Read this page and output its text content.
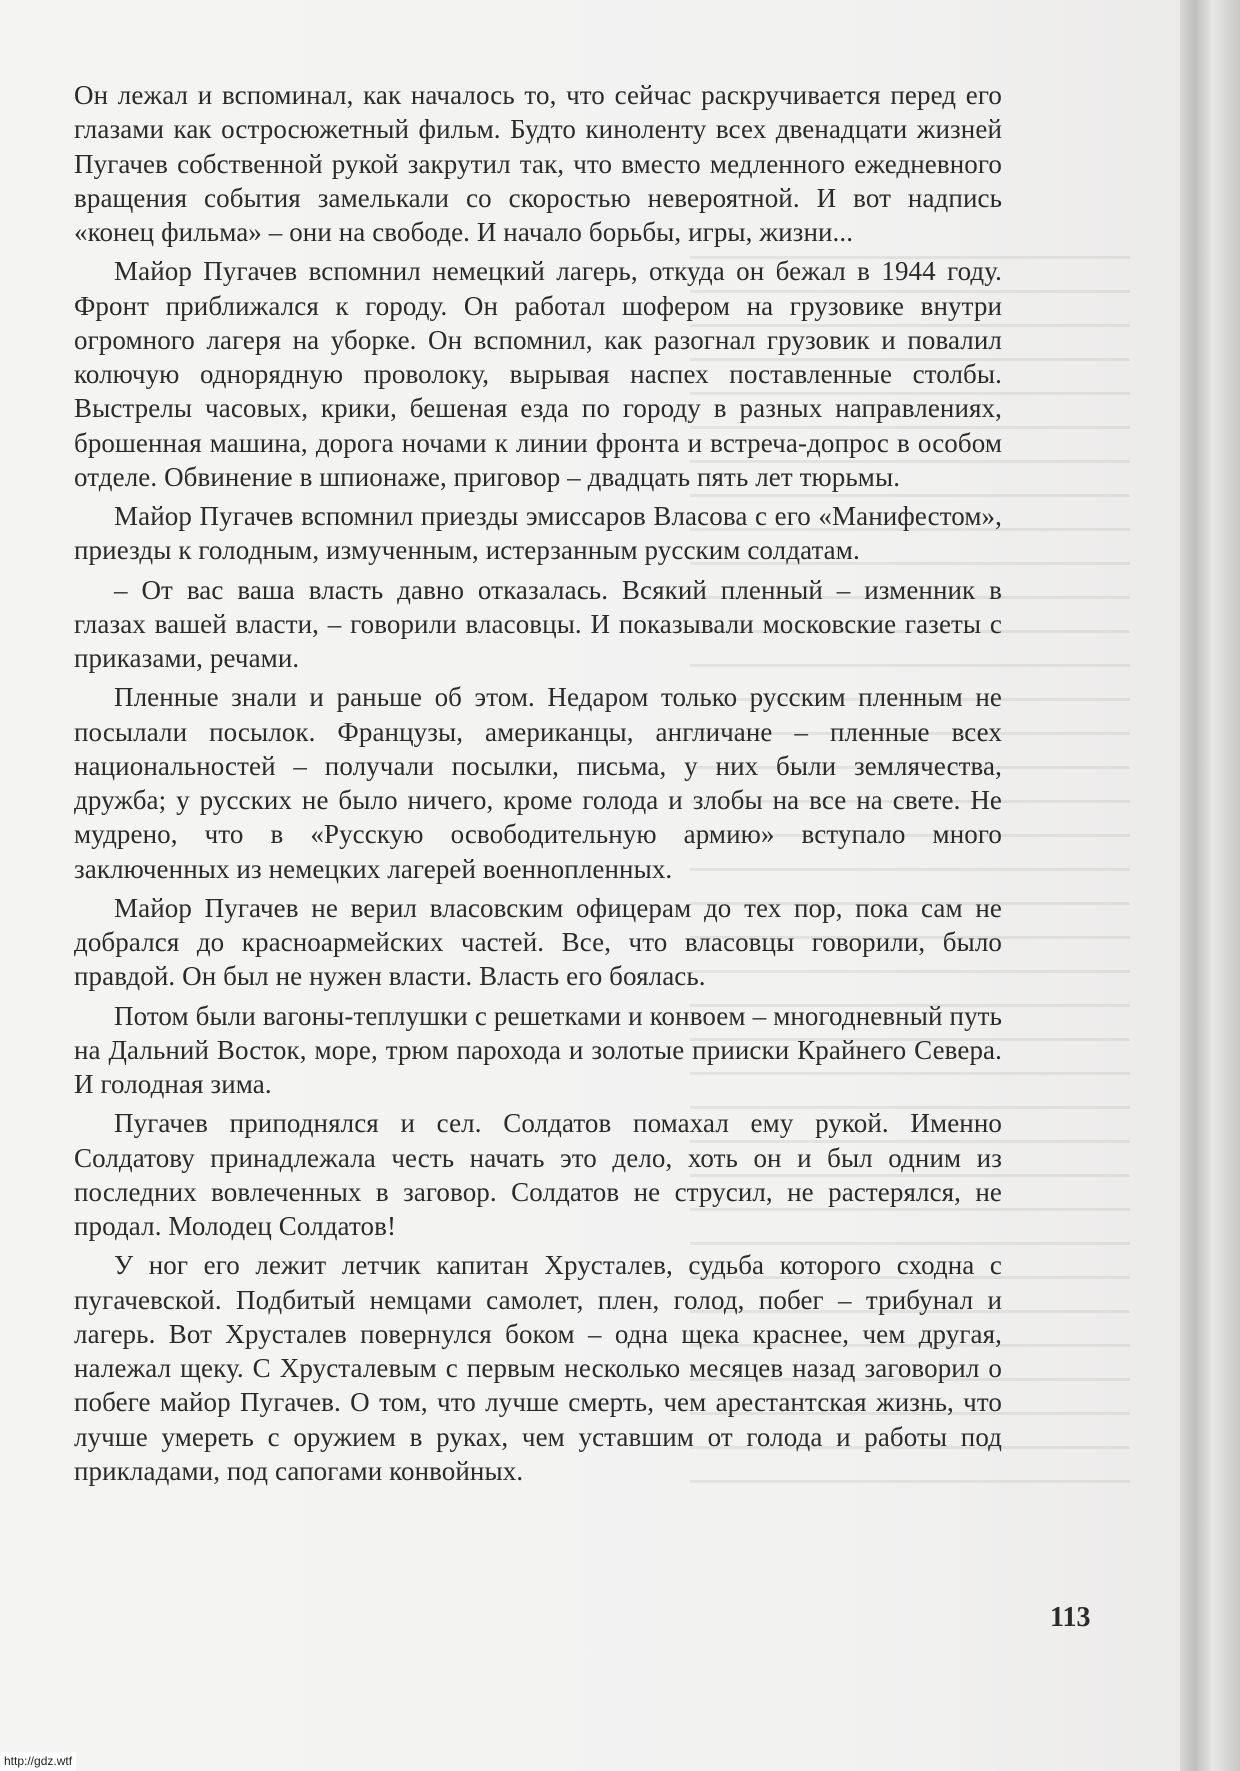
Он лежал и вспоминал, как началось то, что сейчас раскручивается перед его глазами как остросюжетный фильм. Будто киноленту всех двенадцати жизней Пугачев собственной рукой закрутил так, что вместо медленного ежедневного вращения события замелькали со скоростью невероятной. И вот надпись «конец фильма» – они на свободе. И начало борьбы, игры, жизни...

Майор Пугачев вспомнил немецкий лагерь, откуда он бежал в 1944 году. Фронт приближался к городу. Он работал шофером на грузовике внутри огромного лагеря на уборке. Он вспомнил, как разогнал грузовик и повалил колючую однорядную проволоку, вырывая наспех поставленные столбы. Выстрелы часовых, крики, бешеная езда по городу в разных направлениях, брошенная машина, дорога ночами к линии фронта и встреча-допрос в особом отделе. Обвинение в шпионаже, приговор – двадцать пять лет тюрьмы.

Майор Пугачев вспомнил приезды эмиссаров Власова с его «Манифестом», приезды к голодным, измученным, истерзанным русским солдатам.

– От вас ваша власть давно отказалась. Всякий пленный – изменник в глазах вашей власти, – говорили власовцы. И показывали московские газеты с приказами, речами.

Пленные знали и раньше об этом. Недаром только русским пленным не посылали посылок. Французы, американцы, англичане – пленные всех национальностей – получали посылки, письма, у них были землячества, дружба; у русских не было ничего, кроме голода и злобы на все на свете. Не мудрено, что в «Русскую освободительную армию» вступало много заключенных из немецких лагерей военнопленных.

Майор Пугачев не верил власовским офицерам до тех пор, пока сам не добрался до красноармейских частей. Все, что власовцы говорили, было правдой. Он был не нужен власти. Власть его боялась.

Потом были вагоны-теплушки с решетками и конвоем – многодневный путь на Дальний Восток, море, трюм парохода и золотые прииски Крайнего Севера. И голодная зима.

Пугачев приподнялся и сел. Солдатов помахал ему рукой. Именно Солдатову принадлежала честь начать это дело, хоть он и был одним из последних вовлеченных в заговор. Солдатов не струсил, не растерялся, не продал. Молодец Солдатов!

У ног его лежит летчик капитан Хрусталев, судьба которого сходна с пугачевской. Подбитый немцами самолет, плен, голод, побег – трибунал и лагерь. Вот Хрусталев повернулся боком – одна щека краснее, чем другая, належал щеку. С Хрусталевым с первым несколько месяцев назад заговорил о побеге майор Пугачев. О том, что лучше смерть, чем арестантская жизнь, что лучше умереть с оружием в руках, чем уставшим от голода и работы под прикладами, под сапогами конвойных.

113
http://gdz.wtf
